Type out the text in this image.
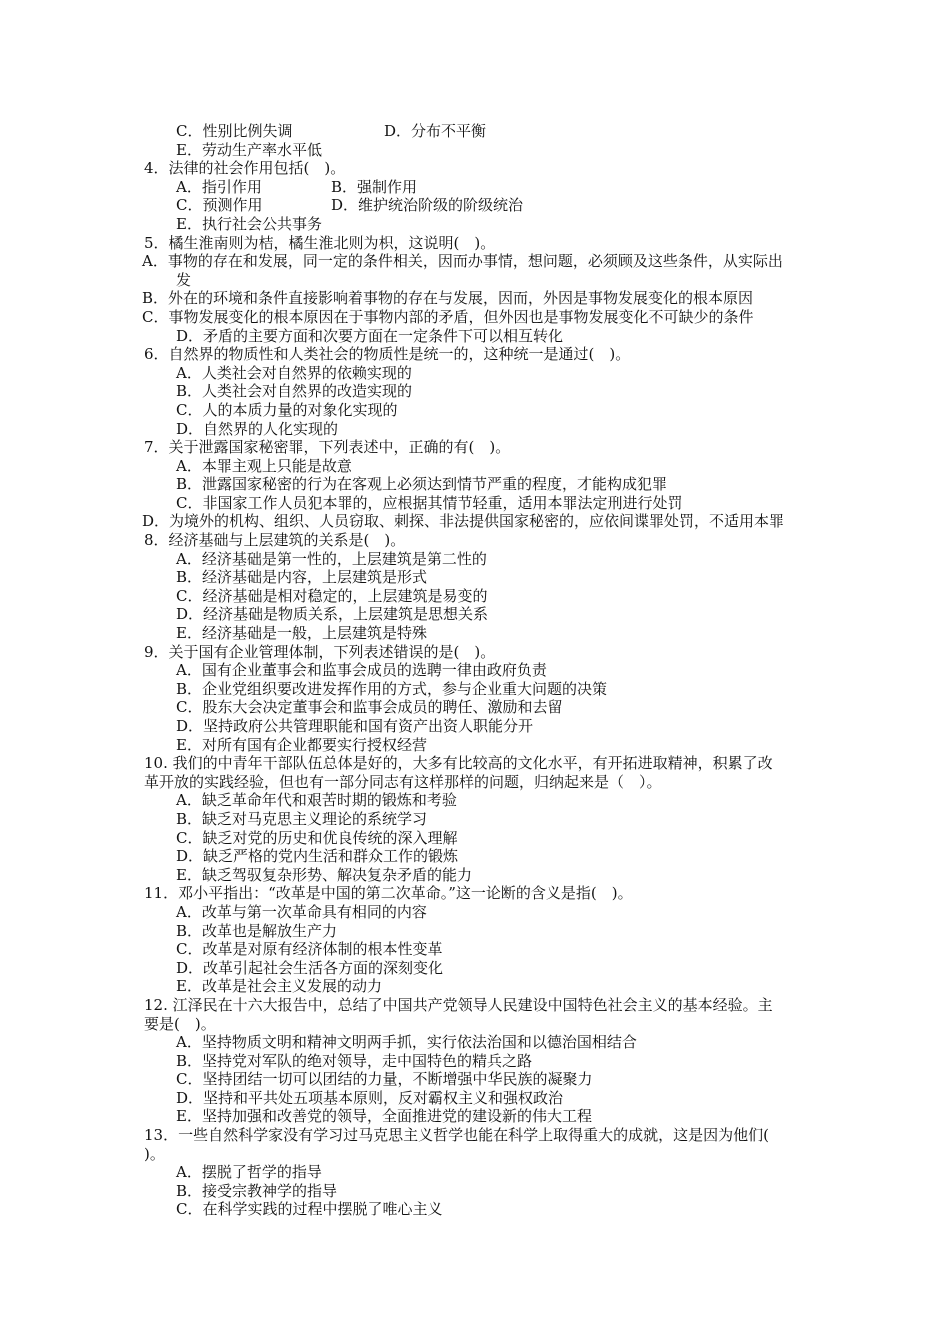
C．性别比例失调	D．分布不平衡
E．劳动生产率水平低
4．法律的社会作用包括(　)。
A．指引作用	B．强制作用
C．预测作用	D．维护统治阶级的阶级统治
E．执行社会公共事务
5．橘生淮南则为桔，橘生淮北则为枳，这说明(　)。
A．事物的存在和发展，同一定的条件相关，因而办事情，想问题，必须顾及这些条件，从实际出
发
B．外在的环境和条件直接影响着事物的存在与发展，因而，外因是事物发展变化的根本原因
C．事物发展变化的根本原因在于事物内部的矛盾，但外因也是事物发展变化不可缺少的条件
D．矛盾的主要方面和次要方面在一定条件下可以相互转化
6．自然界的物质性和人类社会的物质性是统一的，这种统一是通过(　)。
A．人类社会对自然界的依赖实现的
B．人类社会对自然界的改造实现的
C．人的本质力量的对象化实现的
D．自然界的人化实现的
7．关于泄露国家秘密罪，下列表述中，正确的有(　)。
A．本罪主观上只能是故意
B．泄露国家秘密的行为在客观上必须达到情节严重的程度，才能构成犯罪
C．非国家工作人员犯本罪的，应根据其情节轻重，适用本罪法定刑进行处罚
D．为境外的机构、组织、人员窃取、刺探、非法提供国家秘密的，应依间谍罪处罚，不适用本罪
8．经济基础与上层建筑的关系是(　)。
A．经济基础是第一性的，上层建筑是第二性的
B．经济基础是内容，上层建筑是形式
C．经济基础是相对稳定的，上层建筑是易变的
D．经济基础是物质关系，上层建筑是思想关系
E．经济基础是一般，上层建筑是特殊
9．关于国有企业管理体制，下列表述错误的是(　)。
A．国有企业董事会和监事会成员的选聘一律由政府负责
B．企业党组织要改进发挥作用的方式，参与企业重大问题的决策
C．股东大会决定董事会和监事会成员的聘任、激励和去留
D．坚持政府公共管理职能和国有资产出资人职能分开
E．对所有国有企业都要实行授权经营
10. 我们的中青年干部队伍总体是好的，大多有比较高的文化水平，有开拓进取精神，积累了改
革开放的实践经验，但也有一部分同志有这样那样的问题，归纳起来是（　）。
A．缺乏革命年代和艰苦时期的锻炼和考验
B．缺乏对马克思主义理论的系统学习
C．缺乏对党的历史和优良传统的深入理解
D．缺乏严格的党内生活和群众工作的锻炼
E．缺乏驾驭复杂形势、解决复杂矛盾的能力
11．邓小平指出：“改革是中国的第二次革命。”这一论断的含义是指(　)。
A．改革与第一次革命具有相同的内容
B．改革也是解放生产力
C．改革是对原有经济体制的根本性变革
D．改革引起社会生活各方面的深刻变化
E．改革是社会主义发展的动力
12. 江泽民在十六大报告中，总结了中国共产党领导人民建设中国特色社会主义的基本经验。主
要是(　)。
A．坚持物质文明和精神文明两手抓，实行依法治国和以德治国相结合
B．坚持党对军队的绝对领导，走中国特色的精兵之路
C．坚持团结一切可以团结的力量，不断增强中华民族的凝聚力
D．坚持和平共处五项基本原则，反对霸权主义和强权政治
E．坚持加强和改善党的领导，全面推进党的建设新的伟大工程
13．一些自然科学家没有学习过马克思主义哲学也能在科学上取得重大的成就，这是因为他们(
)。
A．摆脱了哲学的指导
B．接受宗教神学的指导
C．在科学实践的过程中摆脱了唯心主义
